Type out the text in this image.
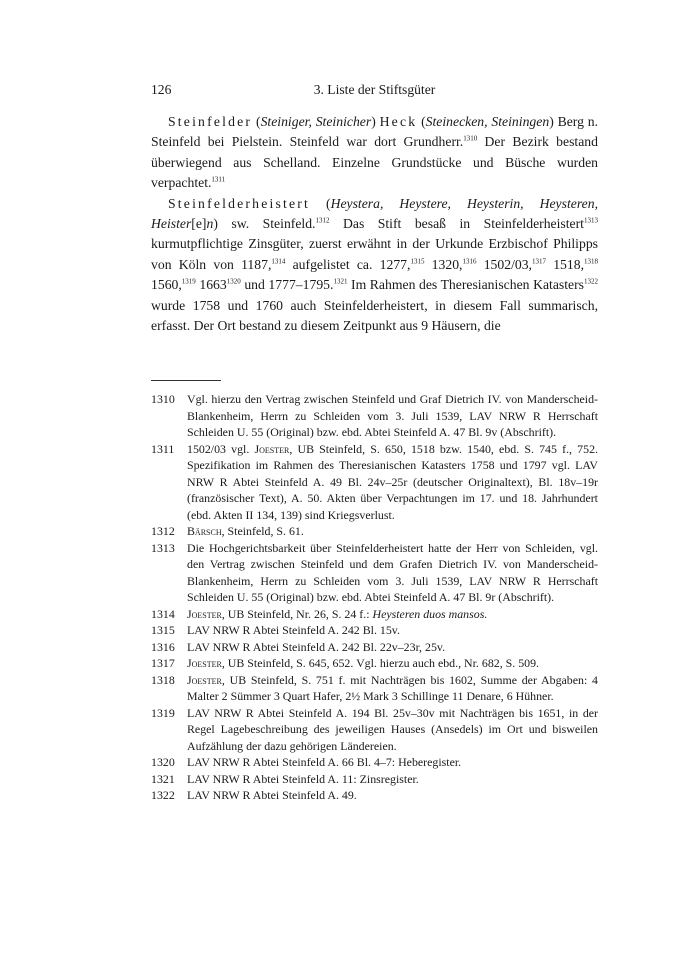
126	3. Liste der Stiftsgüter

Steinfelder (Steiniger, Steinicher) Heck (Steinecken, Steiningen) Berg n. Steinfeld bei Pielstein. Steinfeld war dort Grundherr.$^{1310}$ Der Bezirk bestand überwiegend aus Schelland. Einzelne Grundstücke und Büsche wurden verpachtet.$^{1311}$

Steinfelderheistert (Heystera, Heystere, Heysterin, Heysteren, Heister[e]n) sw. Steinfeld.$^{1312}$ Das Stift besaß in Steinfelderheistert$^{1313}$ kurmutpflichtige Zinsgüter, zuerst erwähnt in der Urkunde Erzbischof Philipps von Köln von 1187,$^{1314}$ aufgelistet ca. 1277,$^{1315}$ 1320,$^{1316}$ 1502/03,$^{1317}$ 1518,$^{1318}$ 1560,$^{1319}$ 1663$^{1320}$ und 1777–1795.$^{1321}$ Im Rahmen des Theresianischen Katasters$^{1322}$ wurde 1758 und 1760 auch Steinfelderheistert, in diesem Fall summarisch, erfasst. Der Ort bestand zu diesem Zeitpunkt aus 9 Häusern, die

1310	Vgl. hierzu den Vertrag zwischen Steinfeld und Graf Dietrich IV. von Manderscheid-Blankenheim, Herrn zu Schleiden vom 3. Juli 1539, LAV NRW R Herrschaft Schleiden U. 55 (Original) bzw. ebd. Abtei Steinfeld A. 47 Bl. 9v (Abschrift).
1311	1502/03 vgl. Joester, UB Steinfeld, S. 650, 1518 bzw. 1540, ebd. S. 745 f., 752. Spezifikation im Rahmen des Theresianischen Katasters 1758 und 1797 vgl. LAV NRW R Abtei Steinfeld A. 49 Bl. 24v–25r (deutscher Originaltext), Bl. 18v–19r (französischer Text), A. 50. Akten über Verpachtungen im 17. und 18. Jahrhundert (ebd. Akten II 134, 139) sind Kriegsverlust.
1312	Bärsch, Steinfeld, S. 61.
1313	Die Hochgerichtsbarkeit über Steinfelderheistert hatte der Herr von Schleiden, vgl. den Vertrag zwischen Steinfeld und dem Grafen Dietrich IV. von Manderscheid-Blankenheim, Herrn zu Schleiden vom 3. Juli 1539, LAV NRW R Herrschaft Schleiden U. 55 (Original) bzw. ebd. Abtei Steinfeld A. 47 Bl. 9r (Abschrift).
1314	Joester, UB Steinfeld, Nr. 26, S. 24 f.: Heysteren duos mansos.
1315	LAV NRW R Abtei Steinfeld A. 242 Bl. 15v.
1316	LAV NRW R Abtei Steinfeld A. 242 Bl. 22v–23r, 25v.
1317	Joester, UB Steinfeld, S. 645, 652. Vgl. hierzu auch ebd., Nr. 682, S. 509.
1318	Joester, UB Steinfeld, S. 751 f. mit Nachträgen bis 1602, Summe der Abgaben: 4 Malter 2 Sümmer 3 Quart Hafer, 2½ Mark 3 Schillinge 11 Denare, 6 Hühner.
1319	LAV NRW R Abtei Steinfeld A. 194 Bl. 25v–30v mit Nachträgen bis 1651, in der Regel Lagebeschreibung des jeweiligen Hauses (Ansedels) im Ort und bisweilen Aufzählung der dazu gehörigen Ländereien.
1320	LAV NRW R Abtei Steinfeld A. 66 Bl. 4–7: Heberegister.
1321	LAV NRW R Abtei Steinfeld A. 11: Zinsregister.
1322	LAV NRW R Abtei Steinfeld A. 49.
